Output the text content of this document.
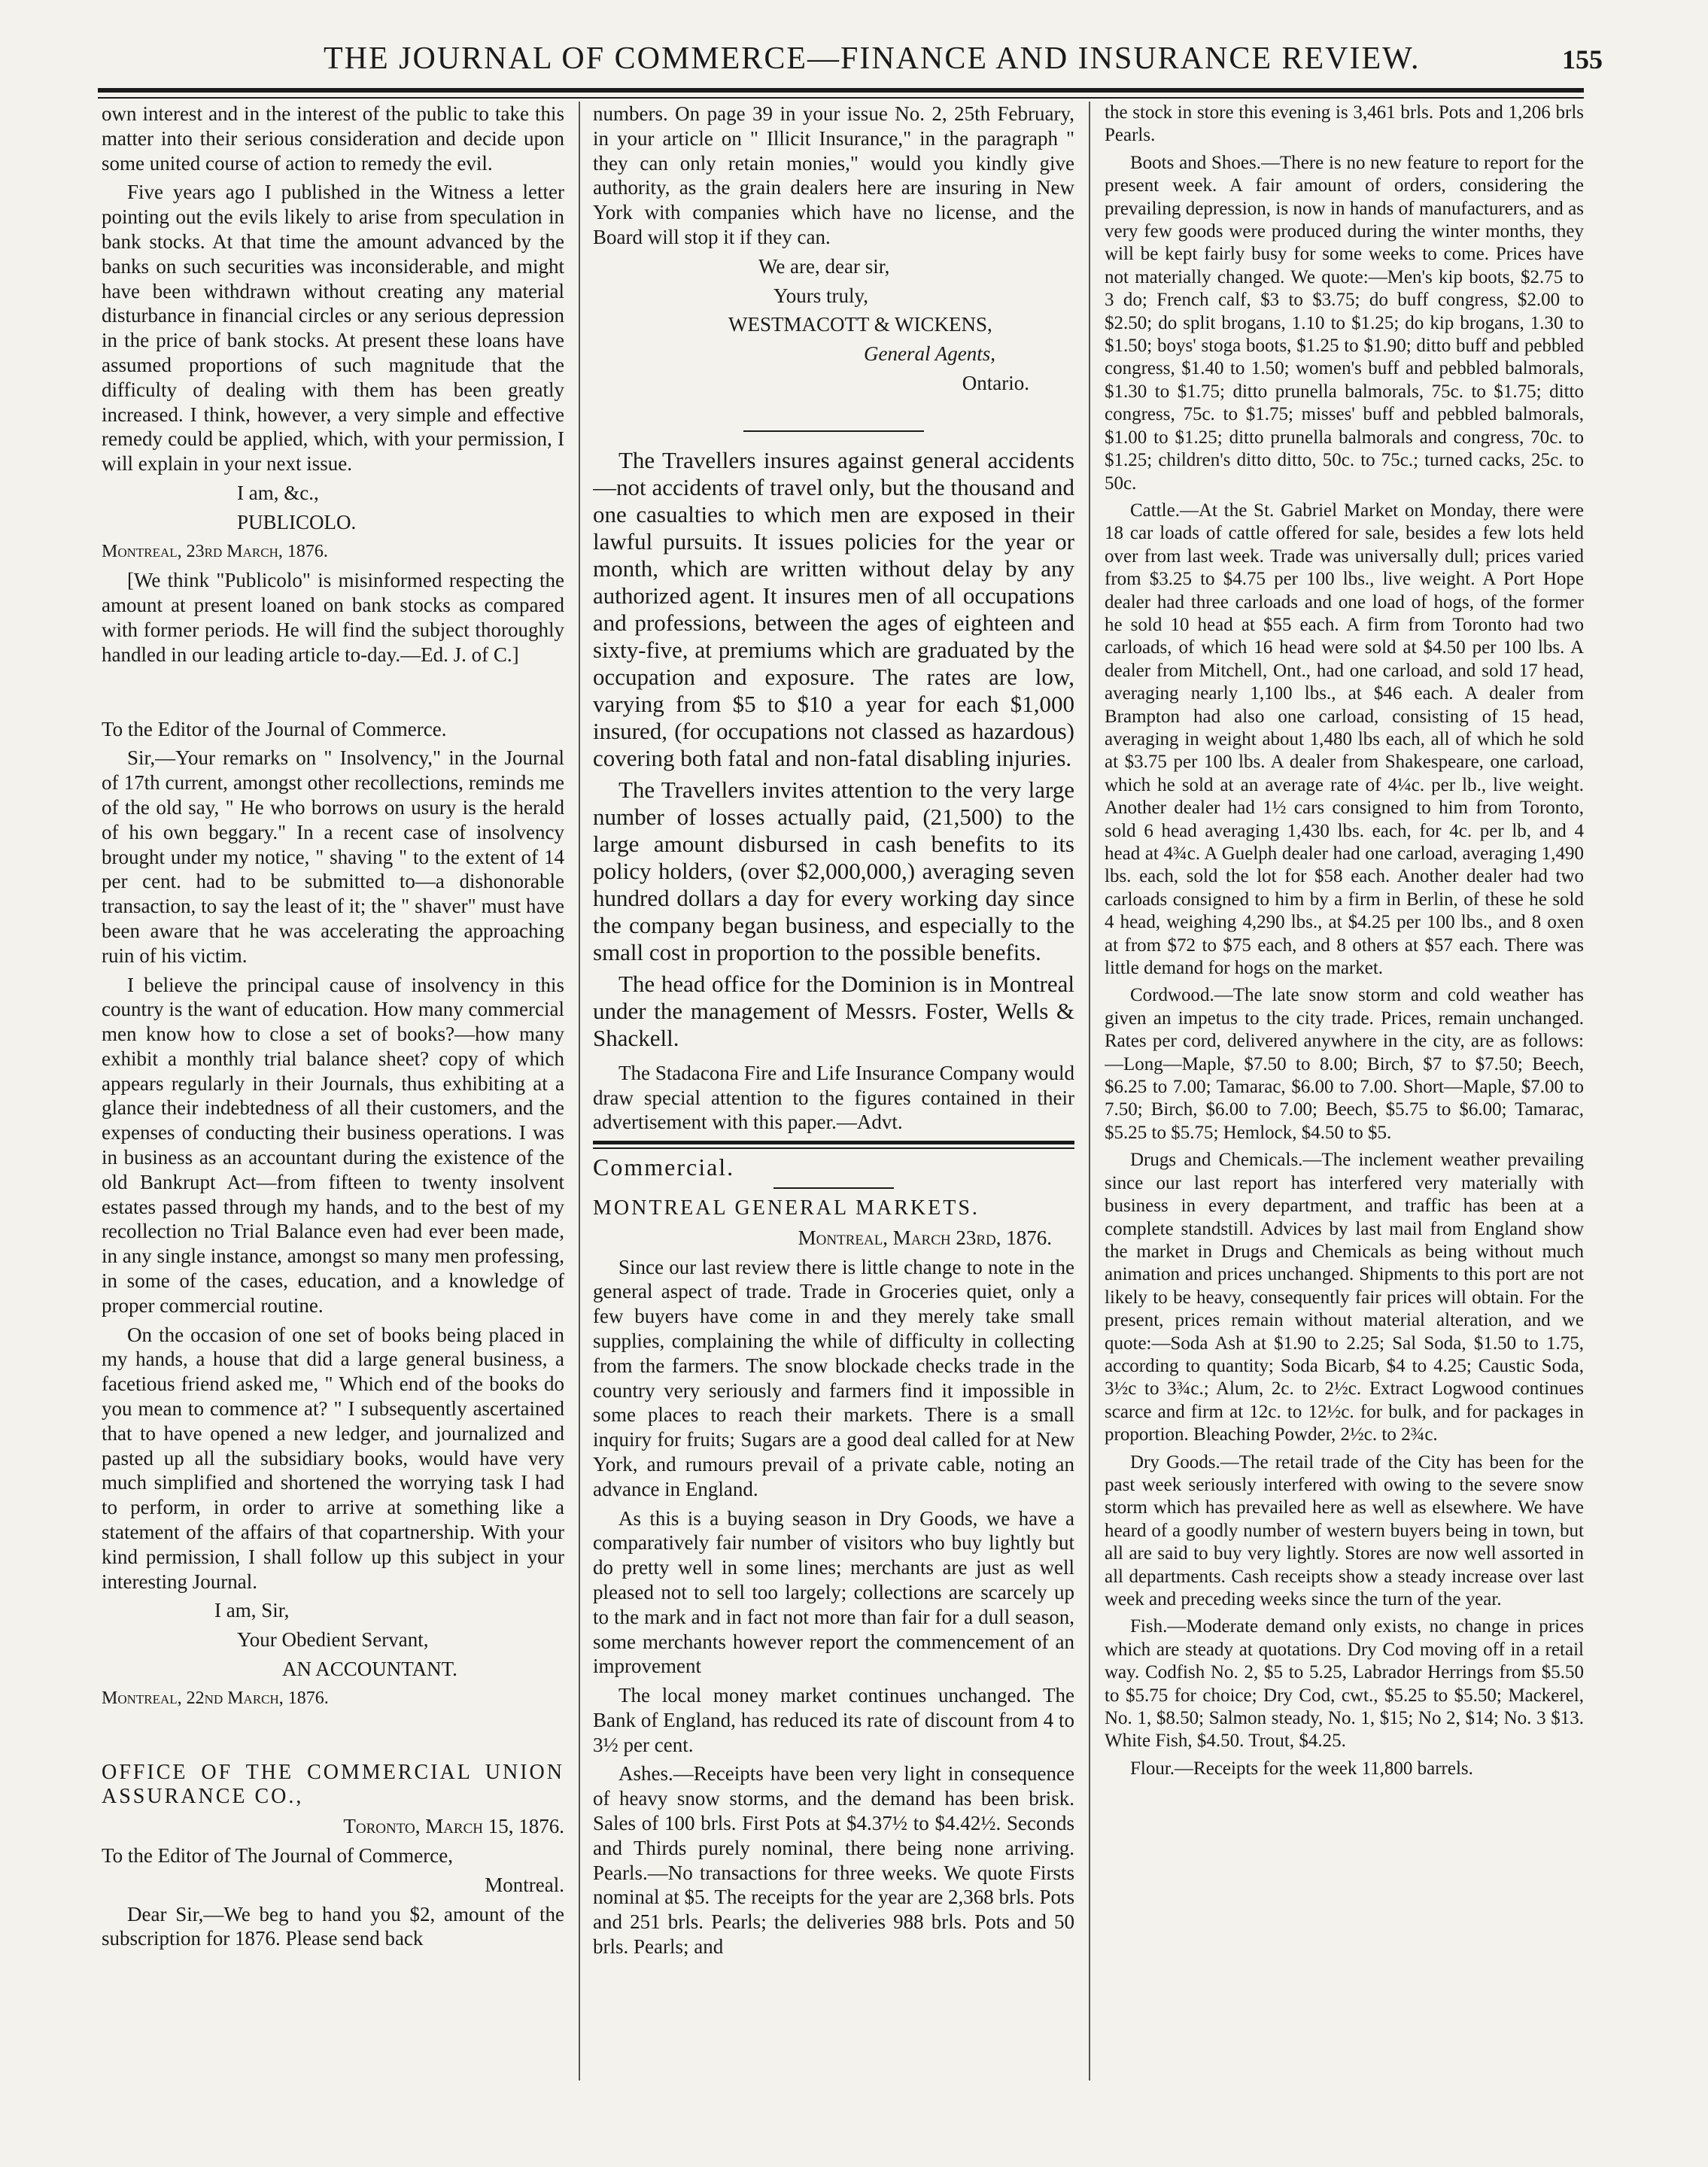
THE JOURNAL OF COMMERCE—FINANCE AND INSURANCE REVIEW.	155

own interest and in the interest of the public to take this matter into their serious consideration and decide upon some united course of action to remedy the evil.

Five years ago I published in the Witness a letter pointing out the evils likely to arise from speculation in bank stocks. At that time the amount advanced by the banks on such securities was inconsiderable, and might have been withdrawn without creating any material disturbance in financial circles or any serious depression in the price of bank stocks. At present these loans have assumed proportions of such magnitude that the difficulty of dealing with them has been greatly increased. I think, however, a very simple and effective remedy could be applied, which, with your permission, I will explain in your next issue.

I am, &c.,

PUBLICOLO.

Montreal, 23rd March, 1876.

[We think "Publicolo" is misinformed respecting the amount at present loaned on bank stocks as compared with former periods. He will find the subject thoroughly handled in our leading article to-day.—Ed. J. of C.]

To the Editor of the Journal of Commerce.

Sir,—Your remarks on " Insolvency," in the Journal of 17th current, amongst other recollections, reminds me of the old say, " He who borrows on usury is the herald of his own beggary." In a recent case of insolvency brought under my notice, " shaving " to the extent of 14 per cent. had to be submitted to—a dishonorable transaction, to say the least of it; the " shaver" must have been aware that he was accelerating the approaching ruin of his victim.

I believe the principal cause of insolvency in this country is the want of education. How many commercial men know how to close a set of books?—how many exhibit a monthly trial balance sheet? copy of which appears regularly in their Journals, thus exhibiting at a glance their indebtedness of all their customers, and the expenses of conducting their business operations. I was in business as an accountant during the existence of the old Bankrupt Act—from fifteen to twenty insolvent estates passed through my hands, and to the best of my recollection no Trial Balance even had ever been made, in any single instance, amongst so many men professing, in some of the cases, education, and a knowledge of proper commercial routine.

On the occasion of one set of books being placed in my hands, a house that did a large general business, a facetious friend asked me, " Which end of the books do you mean to commence at? " I subsequently ascertained that to have opened a new ledger, and journalized and pasted up all the subsidiary books, would have very much simplified and shortened the worrying task I had to perform, in order to arrive at something like a statement of the affairs of that copartnership. With your kind permission, I shall follow up this subject in your interesting Journal.

I am, Sir,

Your Obedient Servant,

AN ACCOUNTANT.

Montreal, 22nd March, 1876.

OFFICE OF THE COMMERCIAL UNION ASSURANCE CO.,

Toronto, March 15, 1876.

To the Editor of The Journal of Commerce,

Montreal.

Dear Sir,—We beg to hand you $2, amount of the subscription for 1876. Please send back

numbers. On page 39 in your issue No. 2, 25th February, in your article on " Illicit Insurance," in the paragraph " they can only retain monies," would you kindly give authority, as the grain dealers here are insuring in New York with companies which have no license, and the Board will stop it if they can.

We are, dear sir,

Yours truly,

WESTMACOTT & WICKENS,

General Agents,

Ontario.

The Travellers insures against general accidents—not accidents of travel only, but the thousand and one casualties to which men are exposed in their lawful pursuits. It issues policies for the year or month, which are written without delay by any authorized agent. It insures men of all occupations and professions, between the ages of eighteen and sixty-five, at premiums which are graduated by the occupation and exposure. The rates are low, varying from $5 to $10 a year for each $1,000 insured, (for occupations not classed as hazardous) covering both fatal and non-fatal disabling injuries.

The Travellers invites attention to the very large number of losses actually paid, (21,500) to the large amount disbursed in cash benefits to its policy holders, (over $2,000,000,) averaging seven hundred dollars a day for every working day since the company began business, and especially to the small cost in proportion to the possible benefits.

The head office for the Dominion is in Montreal under the management of Messrs. Foster, Wells & Shackell.

The Stadacona Fire and Life Insurance Company would draw special attention to the figures contained in their advertisement with this paper.—Advt.

Commercial.

MONTREAL GENERAL MARKETS.

Montreal, March 23rd, 1876.

Since our last review there is little change to note in the general aspect of trade. Trade in Groceries quiet, only a few buyers have come in and they merely take small supplies, complaining the while of difficulty in collecting from the farmers. The snow blockade checks trade in the country very seriously and farmers find it impossible in some places to reach their markets. There is a small inquiry for fruits; Sugars are a good deal called for at New York, and rumours prevail of a private cable, noting an advance in England.

As this is a buying season in Dry Goods, we have a comparatively fair number of visitors who buy lightly but do pretty well in some lines; merchants are just as well pleased not to sell too largely; collections are scarcely up to the mark and in fact not more than fair for a dull season, some merchants however report the commencement of an improvement

The local money market continues unchanged. The Bank of England, has reduced its rate of discount from 4 to 3½ per cent.

Ashes.—Receipts have been very light in consequence of heavy snow storms, and the demand has been brisk. Sales of 100 brls. First Pots at $4.37½ to $4.42½. Seconds and Thirds purely nominal, there being none arriving. Pearls.—No transactions for three weeks. We quote Firsts nominal at $5. The receipts for the year are 2,368 brls. Pots and 251 brls. Pearls; the deliveries 988 brls. Pots and 50 brls. Pearls; and

the stock in store this evening is 3,461 brls. Pots and 1,206 brls Pearls.

Boots and Shoes.—There is no new feature to report for the present week. A fair amount of orders, considering the prevailing depression, is now in hands of manufacturers, and as very few goods were produced during the winter months, they will be kept fairly busy for some weeks to come. Prices have not materially changed. We quote:—Men's kip boots, $2.75 to 3 do; French calf, $3 to $3.75; do buff congress, $2.00 to $2.50; do split brogans, 1.10 to $1.25; do kip brogans, 1.30 to $1.50; boys' stoga boots, $1.25 to $1.90; ditto buff and pebbled congress, $1.40 to 1.50; women's buff and pebbled balmorals, $1.30 to $1.75; ditto prunella balmorals, 75c. to $1.75; ditto congress, 75c. to $1.75; misses' buff and pebbled balmorals, $1.00 to $1.25; ditto prunella balmorals and congress, 70c. to $1.25; children's ditto ditto, 50c. to 75c.; turned cacks, 25c. to 50c.

Cattle.—At the St. Gabriel Market on Monday, there were 18 car loads of cattle offered for sale, besides a few lots held over from last week. Trade was universally dull; prices varied from $3.25 to $4.75 per 100 lbs., live weight. A Port Hope dealer had three carloads and one load of hogs, of the former he sold 10 head at $55 each. A firm from Toronto had two carloads, of which 16 head were sold at $4.50 per 100 lbs. A dealer from Mitchell, Ont., had one carload, and sold 17 head, averaging nearly 1,100 lbs., at $46 each. A dealer from Brampton had also one carload, consisting of 15 head, averaging in weight about 1,480 lbs each, all of which he sold at $3.75 per 100 lbs. A dealer from Shakespeare, one carload, which he sold at an average rate of 4¼c. per lb., live weight. Another dealer had 1½ cars consigned to him from Toronto, sold 6 head averaging 1,430 lbs. each, for 4c. per lb, and 4 head at 4¾c. A Guelph dealer had one carload, averaging 1,490 lbs. each, sold the lot for $58 each. Another dealer had two carloads consigned to him by a firm in Berlin, of these he sold 4 head, weighing 4,290 lbs., at $4.25 per 100 lbs., and 8 oxen at from $72 to $75 each, and 8 others at $57 each. There was little demand for hogs on the market.

Cordwood.—The late snow storm and cold weather has given an impetus to the city trade. Prices, remain unchanged. Rates per cord, delivered anywhere in the city, are as follows:—Long—Maple, $7.50 to 8.00; Birch, $7 to $7.50; Beech, $6.25 to 7.00; Tamarac, $6.00 to 7.00. Short—Maple, $7.00 to 7.50; Birch, $6.00 to 7.00; Beech, $5.75 to $6.00; Tamarac, $5.25 to $5.75; Hemlock, $4.50 to $5.

Drugs and Chemicals.—The inclement weather prevailing since our last report has interfered very materially with business in every department, and traffic has been at a complete standstill. Advices by last mail from England show the market in Drugs and Chemicals as being without much animation and prices unchanged. Shipments to this port are not likely to be heavy, consequently fair prices will obtain. For the present, prices remain without material alteration, and we quote:—Soda Ash at $1.90 to 2.25; Sal Soda, $1.50 to 1.75, according to quantity; Soda Bicarb, $4 to 4.25; Caustic Soda, 3½c to 3¾c.; Alum, 2c. to 2½c. Extract Logwood continues scarce and firm at 12c. to 12½c. for bulk, and for packages in proportion. Bleaching Powder, 2½c. to 2¾c.

Dry Goods.—The retail trade of the City has been for the past week seriously interfered with owing to the severe snow storm which has prevailed here as well as elsewhere. We have heard of a goodly number of western buyers being in town, but all are said to buy very lightly. Stores are now well assorted in all departments. Cash receipts show a steady increase over last week and preceding weeks since the turn of the year.

Fish.—Moderate demand only exists, no change in prices which are steady at quotations. Dry Cod moving off in a retail way. Codfish No. 2, $5 to 5.25, Labrador Herrings from $5.50 to $5.75 for choice; Dry Cod, cwt., $5.25 to $5.50; Mackerel, No. 1, $8.50; Salmon steady, No. 1, $15; No 2, $14; No. 3 $13. White Fish, $4.50. Trout, $4.25.

Flour.—Receipts for the week 11,800 barrels.
